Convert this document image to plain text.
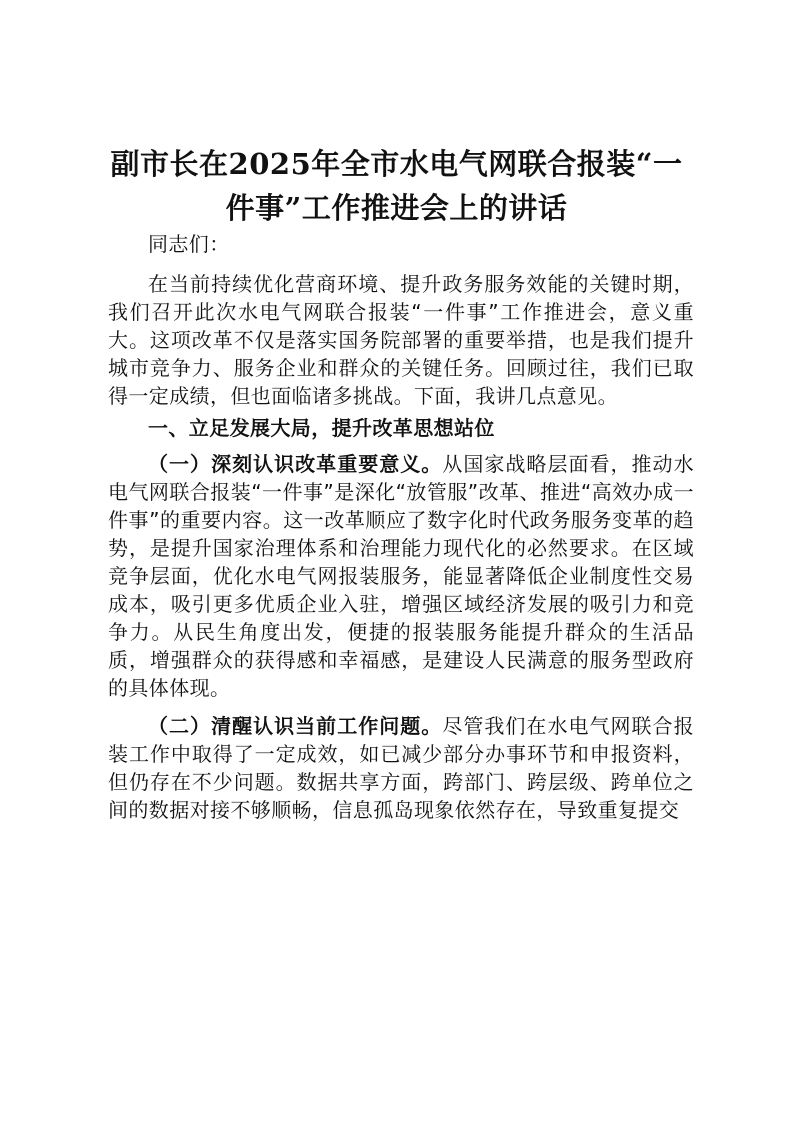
副市长在2025年全市水电气网联合报装“一件事”工作推进会上的讲话

同志们：

在当前持续优化营商环境、提升政务服务效能的关键时期，我们召开此次水电气网联合报装“一件事”工作推进会，意义重大。这项改革不仅是落实国务院部署的重要举措，也是我们提升城市竞争力、服务企业和群众的关键任务。回顾过往，我们已取得一定成绩，但也面临诸多挑战。下面，我讲几点意见。

一、立足发展大局，提升改革思想站位

（一）深刻认识改革重要意义。从国家战略层面看，推动水电气网联合报装“一件事”是深化“放管服”改革、推进“高效办成一件事”的重要内容。这一改革顺应了数字化时代政务服务变革的趋势，是提升国家治理体系和治理能力现代化的必然要求。在区域竞争层面，优化水电气网报装服务，能显著降低企业制度性交易成本，吸引更多优质企业入驻，增强区域经济发展的吸引力和竞争力。从民生角度出发，便捷的报装服务能提升群众的生活品质，增强群众的获得感和幸福感，是建设人民满意的服务型政府的具体体现。

（二）清醒认识当前工作问题。尽管我们在水电气网联合报装工作中取得了一定成效，如已减少部分办事环节和申报资料，但仍存在不少问题。数据共享方面，跨部门、跨层级、跨单位之间的数据对接不够顺畅，信息孤岛现象依然存在，导致重复提交
